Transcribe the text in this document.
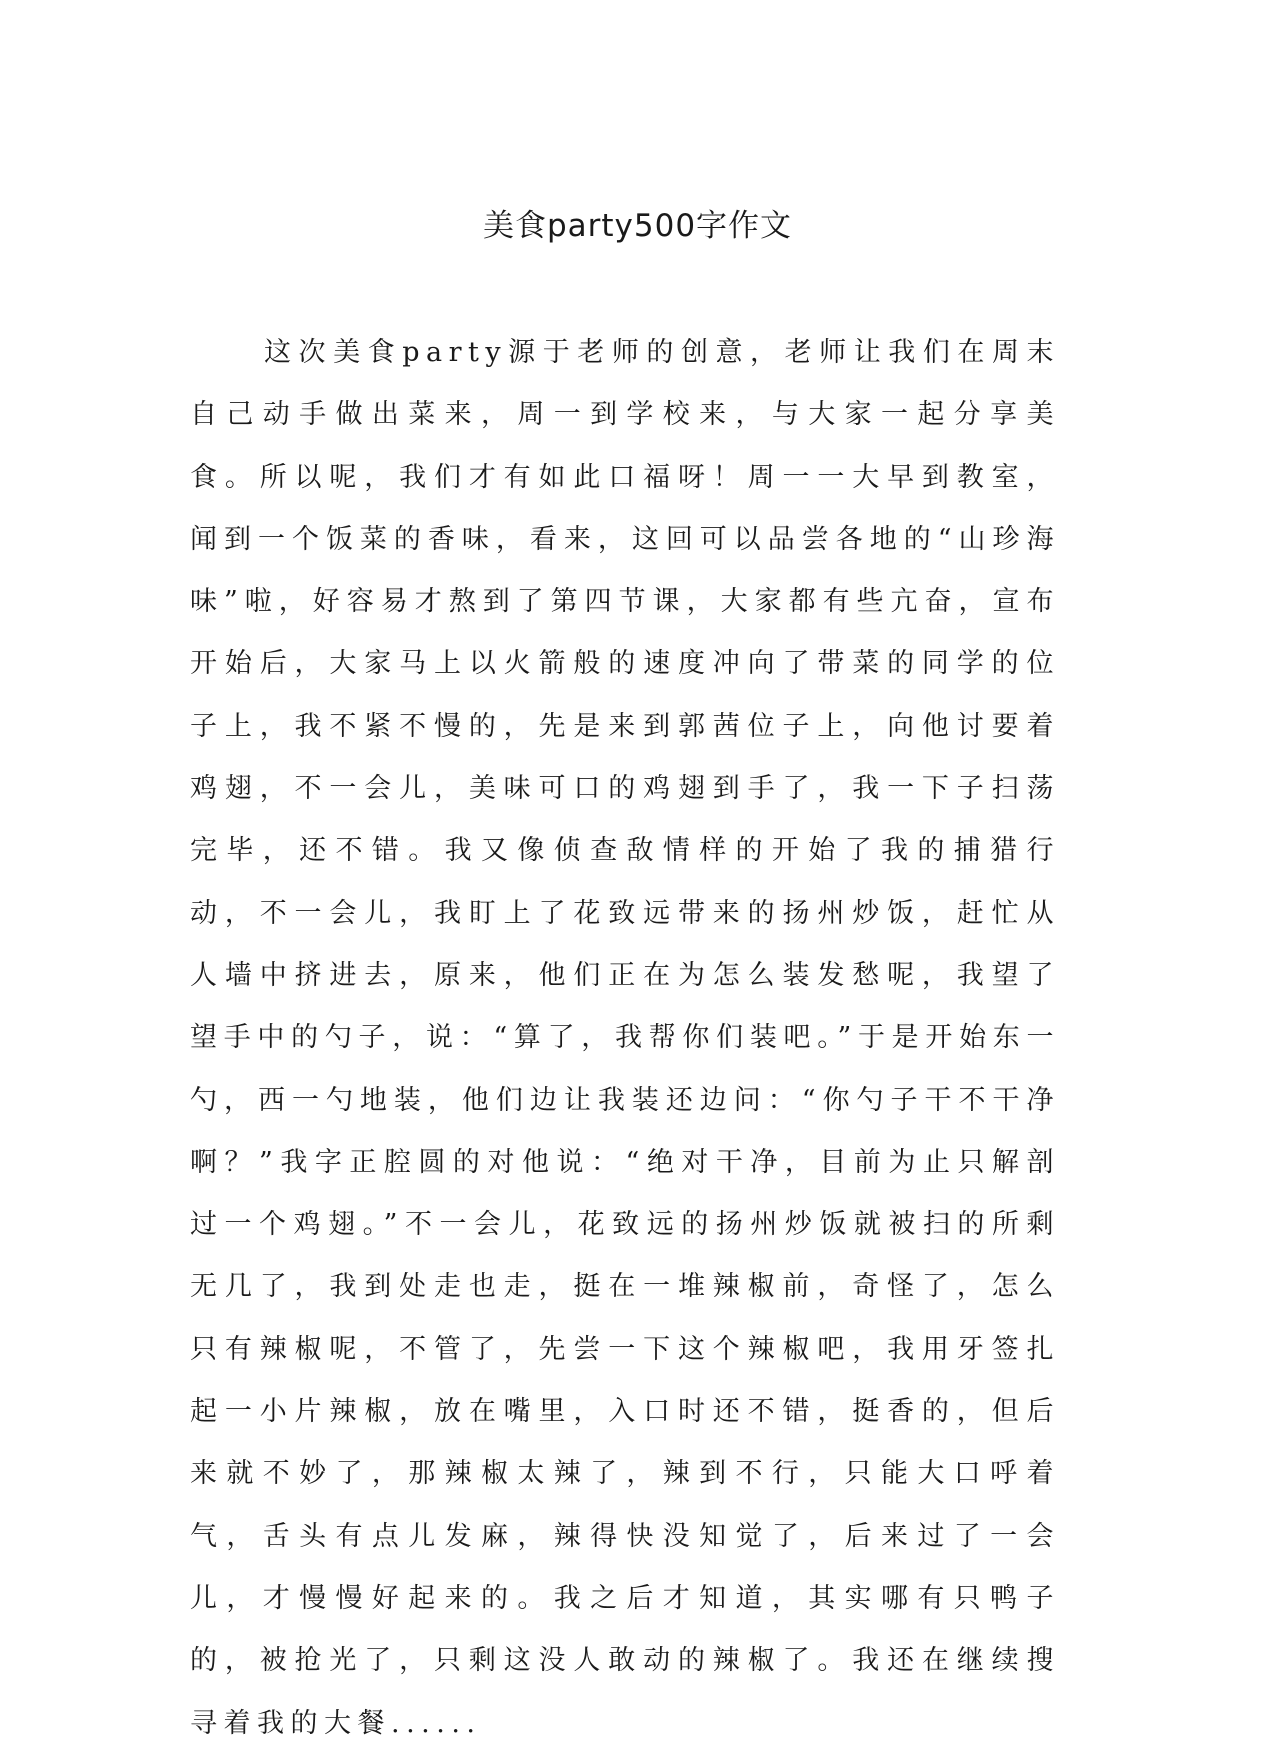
美食party500字作文

这次美食party源于老师的创意，老师让我们在周末自己动手做出菜来，周一到学校来，与大家一起分享美食。所以呢，我们才有如此口福呀！周一一大早到教室，闻到一个饭菜的香味，看来，这回可以品尝各地的“山珍海味”啦，好容易才熬到了第四节课，大家都有些亢奋，宣布开始后，大家马上以火箭般的速度冲向了带菜的同学的位子上，我不紧不慢的，先是来到郭茜位子上，向他讨要着鸡翅，不一会儿，美味可口的鸡翅到手了，我一下子扫荡完毕，还不错。我又像侦查敌情样的开始了我的捕猎行动，不一会儿，我盯上了花致远带来的扬州炒饭，赶忙从人墙中挤进去，原来，他们正在为怎么装发愁呢，我望了望手中的勺子，说：“算了，我帮你们装吧。”于是开始东一勺，西一勺地装，他们边让我装还边问：“你勺子干不干净啊？”我字正腔圆的对他说：“绝对干净，目前为止只解剖过一个鸡翅。”不一会儿，花致远的扬州炒饭就被扫的所剩无几了，我到处走也走，挺在一堆辣椒前，奇怪了，怎么只有辣椒呢，不管了，先尝一下这个辣椒吧，我用牙签扎起一小片辣椒，放在嘴里，入口时还不错，挺香的，但后来就不妙了，那辣椒太辣了，辣到不行，只能大口呼着气，舌头有点儿发麻，辣得快没知觉了，后来过了一会儿，才慢慢好起来的。我之后才知道，其实哪有只鸭子的，被抢光了，只剩这没人敢动的辣椒了。我还在继续搜寻着我的大餐......
